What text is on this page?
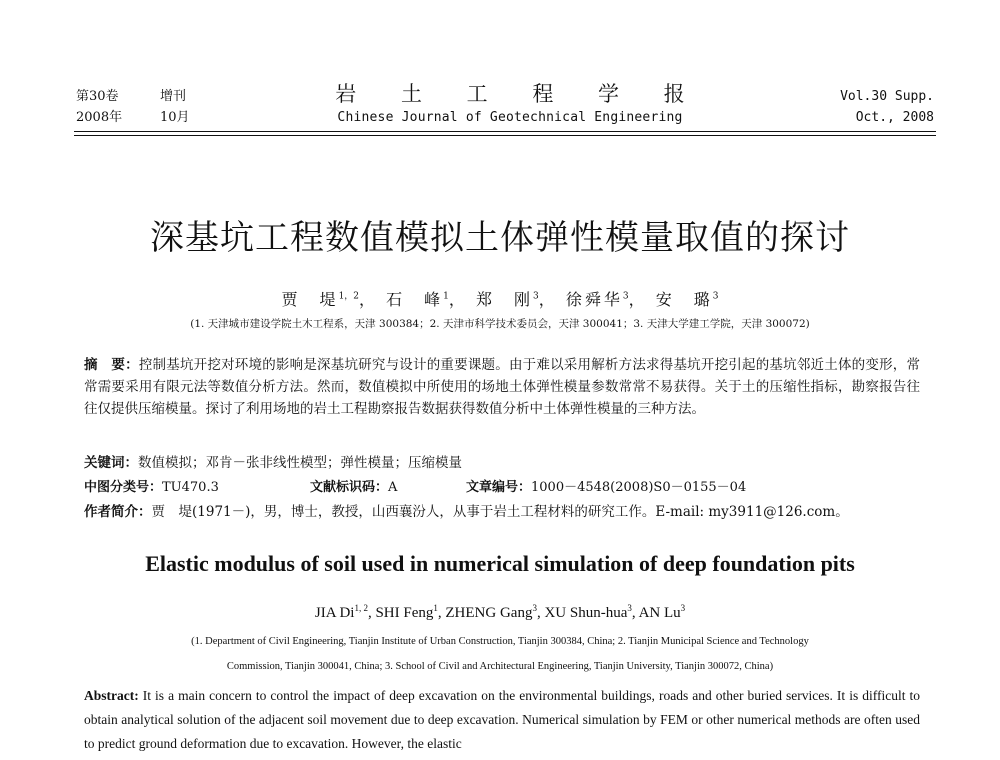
第30卷	增刊
2008年	10月
岩 土 工 程 学 报
Chinese Journal of Geotechnical Engineering
Vol.30 Supp.
Oct., 2008
深基坑工程数值模拟土体弹性模量取值的探讨
贾　堤$^{1,2}$， 石　峰$^1$， 郑　刚$^3$， 徐舜华$^3$， 安　璐$^3$
(1. 天津城市建设学院土木工程系，天津 300384；2. 天津市科学技术委员会，天津 300041；3. 天津大学建工学院，天津 300072)
摘　要：控制基坑开挖对环境的影响是深基坑研究与设计的重要课题。由于难以采用解析方法求得基坑开挖引起的基坑邻近土体的变形，常常需要采用有限元法等数值分析方法。然而，数值模拟中所使用的场地土体弹性模量参数常常不易获得。关于土的压缩性指标，勘察报告往往仅提供压缩模量。探讨了利用场地的岩土工程勘察报告数据获得数值分析中土体弹性模量的三种方法。
关键词：数值模拟；邓肯－张非线性模型；弹性模量；压缩模量
中图分类号：TU470.3	文献标识码：A	文章编号：1000－4548(2008)S0－0155－04
作者简介：贾　堤(1971－)，男，博士，教授，山西襄汾人，从事于岩土工程材料的研究工作。E-mail: my3911@126.com。
Elastic modulus of soil used in numerical simulation of deep foundation pits
JIA Di$^{1, 2}$, SHI Feng$^1$, ZHENG Gang$^3$, XU Shun-hua$^3$, AN Lu$^3$
(1. Department of Civil Engineering, Tianjin Institute of Urban Construction, Tianjin 300384, China; 2. Tianjin Municipal Science and Technology
Commission, Tianjin 300041, China; 3. School of Civil and Architectural Engineering, Tianjin University, Tianjin 300072, China)
Abstract: It is a main concern to control the impact of deep excavation on the environmental buildings, roads and other buried services. It is difficult to obtain analytical solution of the adjacent soil movement due to deep excavation. Numerical simulation by FEM or other numerical methods are often used to predict ground deformation due to excavation. However, the elastic
